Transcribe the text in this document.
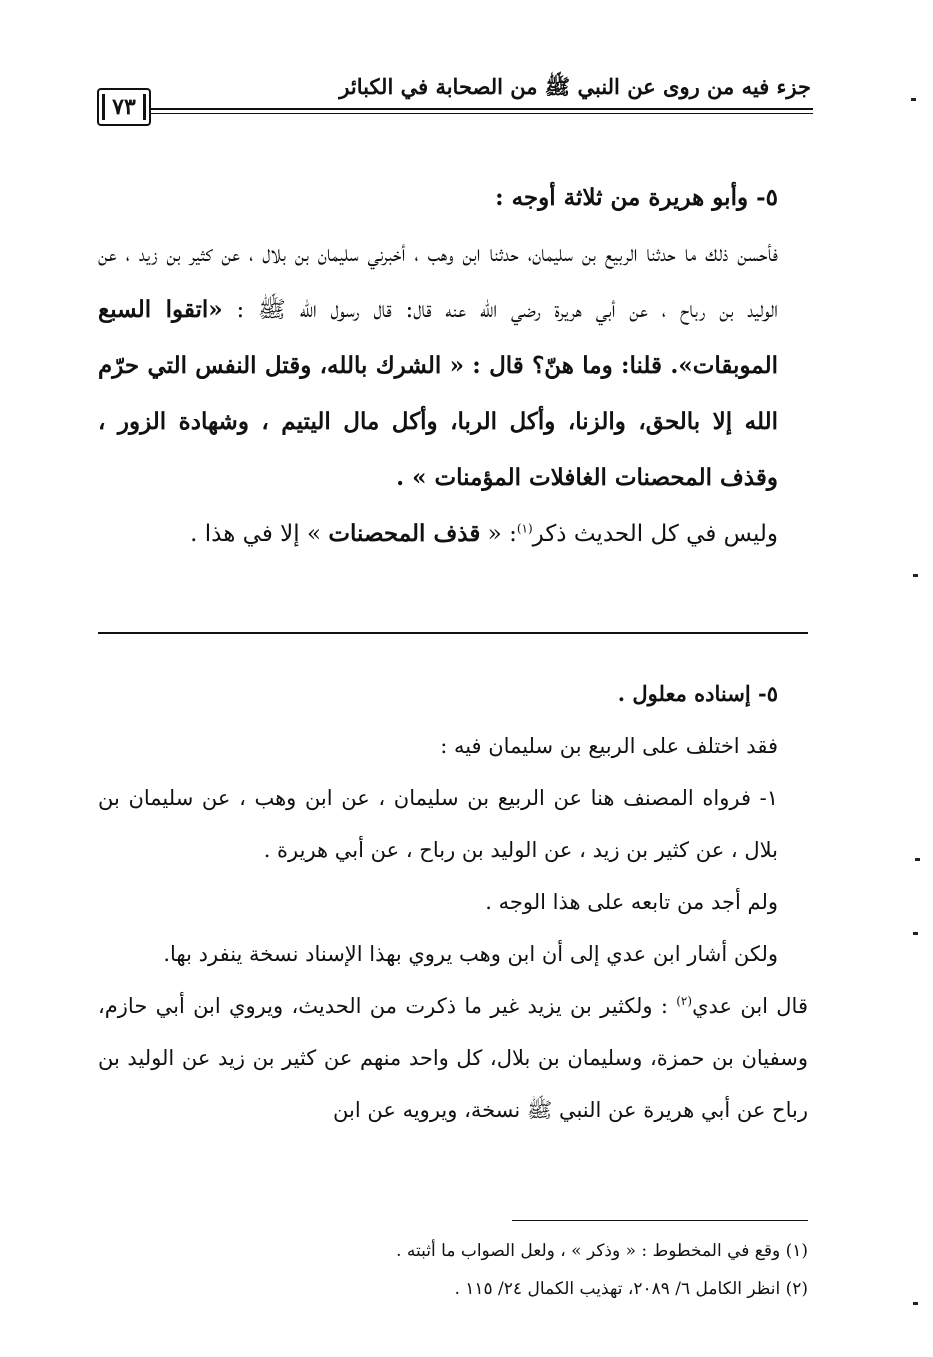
جزء فيه من روى عن النبي ﷺ من الصحابة في الكبائر
٧٣

٥- وأبو هريرة من ثلاثة أوجه :

فأحسن ذلك ما حدثنا الربيع بن سليمان، حدثنا ابن وهب ، أخبرني سليمان بن بلال ، عن كثير بن زيد ، عن الوليد بن رباح ، عن أبي هريرة رضي الله عنه قال: قال رسول الله ﷺ : «اتقوا السبع الموبقات». قلنا: وما هنّ؟ قال : « الشرك بالله، وقتل النفس التي حرّم الله إلا بالحق، والزنا، وأكل الربا، وأكل مال اليتيم ، وشهادة الزور ، وقذف المحصنات الغافلات المؤمنات » .

وليس في كل الحديث ذكر$^{(١)}$: « قذف المحصنات » إلا في هذا .

٥- إسناده معلول .

فقد اختلف على الربيع بن سليمان فيه :

١- فرواه المصنف هنا عن الربيع بن سليمان ، عن ابن وهب ، عن سليمان بن بلال ، عن كثير بن زيد ، عن الوليد بن رباح ، عن أبي هريرة .

ولم أجد من تابعه على هذا الوجه .

ولكن أشار ابن عدي إلى أن ابن وهب يروي بهذا الإسناد نسخة ينفرد بها.

قال ابن عدي$^{(٢)}$ : ولكثير بن يزيد غير ما ذكرت من الحديث، ويروي ابن أبي حازم، وسفيان بن حمزة، وسليمان بن بلال، كل واحد منهم عن كثير بن زيد عن الوليد بن رباح عن أبي هريرة عن النبي ﷺ نسخة، ويرويه عن ابن

(١) وقع في المخطوط : « وذكر » ، ولعل الصواب ما أثبته .

(٢) انظر الكامل ٦/ ٢٠٨٩، تهذيب الكمال ٢٤/ ١١٥ .
